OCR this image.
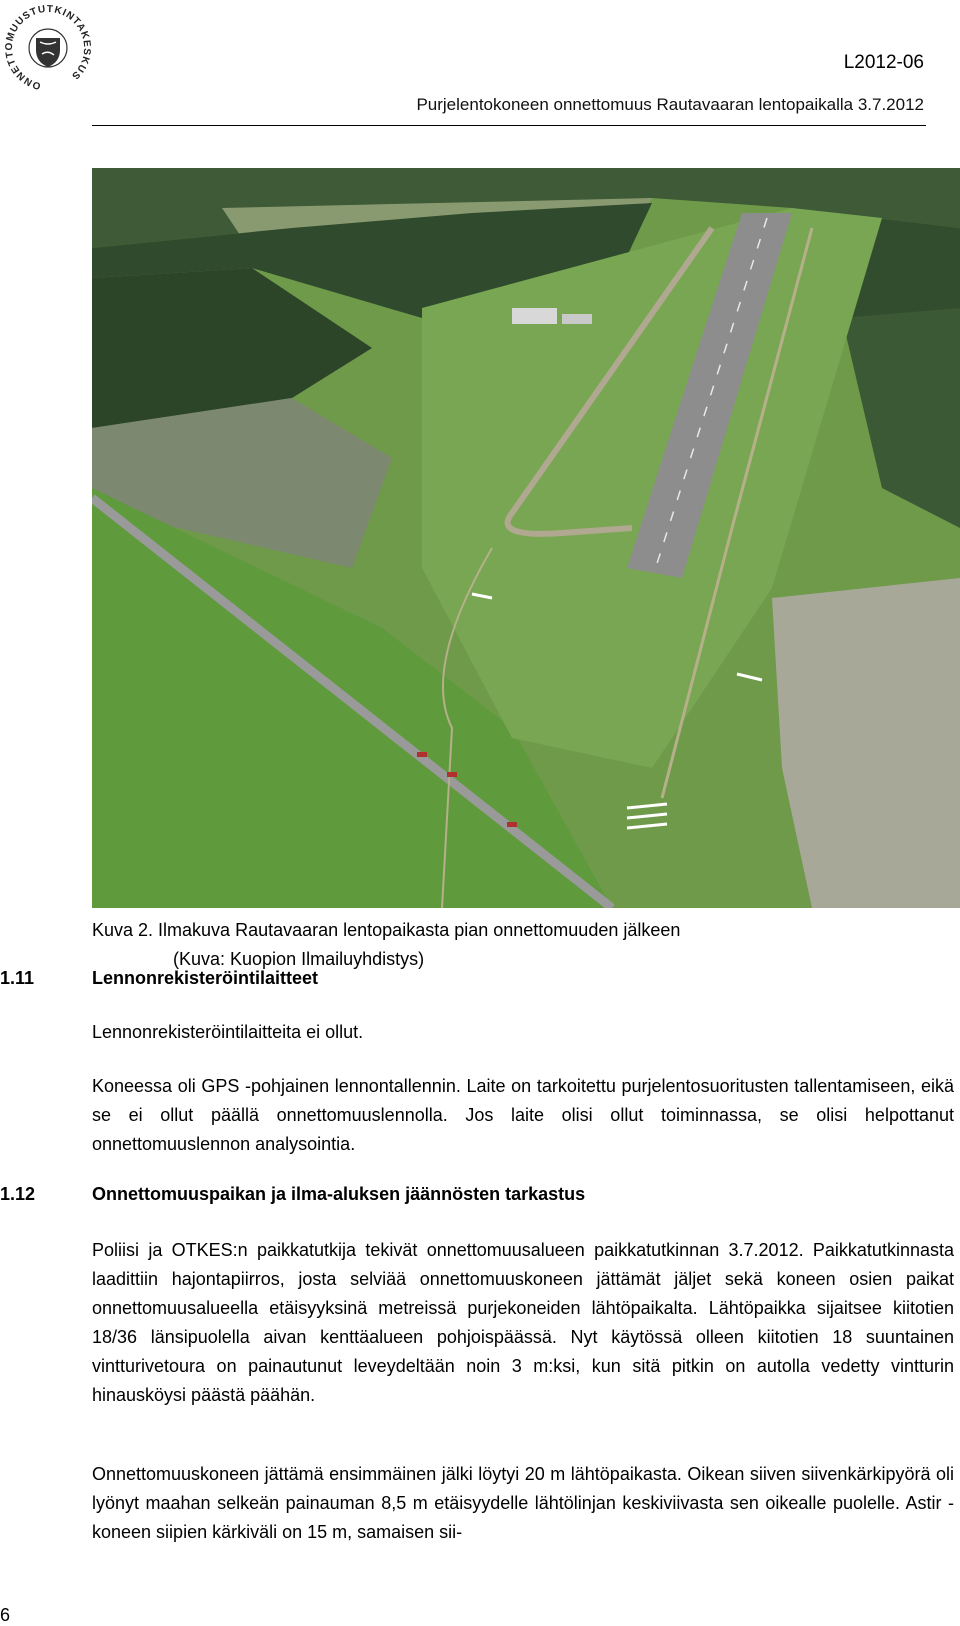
ONNETTOMUUSTUTKINTAKESKUS
L2012-06
Purjelentokoneen onnettomuus Rautavaaran lentopaikalla 3.7.2012
Kuva 2. Ilmakuva Rautavaaran lentopaikasta pian onnettomuuden jälkeen
(Kuva: Kuopion Ilmailuyhdistys)
1.11	Lennonrekisteröintilaitteet
Lennonrekisteröintilaitteita ei ollut.
Koneessa oli GPS -pohjainen lennontallennin. Laite on tarkoitettu purjelentosuoritusten tallentamiseen, eikä se ei ollut päällä onnettomuuslennolla. Jos laite olisi ollut toiminnassa, se olisi helpottanut onnettomuuslennon analysointia.
1.12	Onnettomuuspaikan ja ilma-aluksen jäännösten tarkastus
Poliisi ja OTKES:n paikkatutkija tekivät onnettomuusalueen paikkatutkinnan 3.7.2012. Paikkatutkinnasta laadittiin hajontapiirros, josta selviää onnettomuuskoneen jättämät jäljet sekä koneen osien paikat onnettomuusalueella etäisyyksinä metreissä purjekoneiden lähtöpaikalta. Lähtöpaikka sijaitsee kiitotien 18/36 länsipuolella aivan kenttäalueen pohjoispäässä. Nyt käytössä olleen kiitotien 18 suuntainen vintturivetoura on painautunut leveydeltään noin 3 m:ksi, kun sitä pitkin on autolla vedetty vintturin hinausköysi päästä päähän.
Onnettomuuskoneen jättämä ensimmäinen jälki löytyi 20 m lähtöpaikasta. Oikean siiven siivenkärkipyörä oli lyönyt maahan selkeän painauman 8,5 m etäisyydelle lähtölinjan keskiviivasta sen oikealle puolelle. Astir -koneen siipien kärkiväli on 15 m, samaisen sii-
6
